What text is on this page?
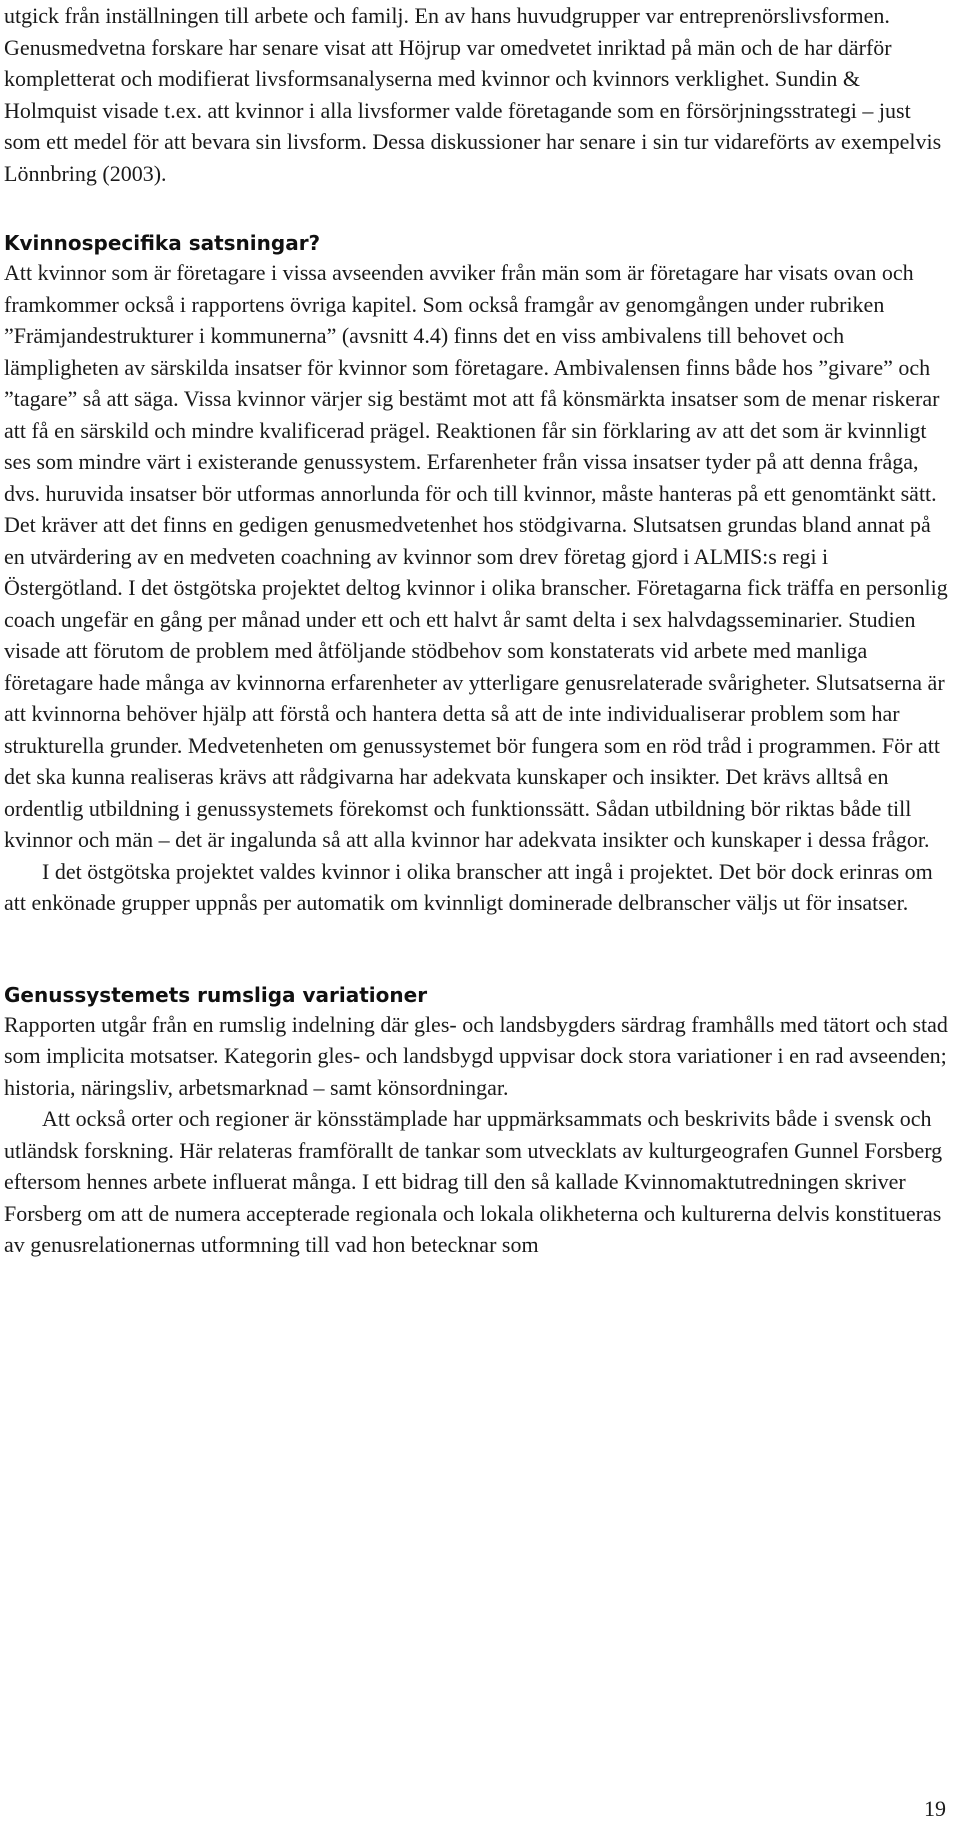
utgick från inställningen till arbete och familj. En av hans huvudgrupper var entreprenörslivsformen. Genusmedvetna forskare har senare visat att Höjrup var omedvetet inriktad på män och de har därför kompletterat och modifierat livsformsanalyserna med kvinnor och kvinnors verklighet. Sundin & Holmquist visade t.ex. att kvinnor i alla livsformer valde företagande som en försörjningsstrategi – just som ett medel för att bevara sin livsform. Dessa diskussioner har senare i sin tur vidareförts av exempelvis Lönnbring (2003).

Kvinnospecifika satsningar?

Att kvinnor som är företagare i vissa avseenden avviker från män som är företagare har visats ovan och framkommer också i rapportens övriga kapitel. Som också framgår av genomgången under rubriken ”Främjandestrukturer i kommunerna” (avsnitt 4.4) finns det en viss ambivalens till behovet och lämpligheten av särskilda insatser för kvinnor som företagare. Ambivalensen finns både hos ”givare” och ”tagare” så att säga. Vissa kvinnor värjer sig bestämt mot att få könsmärkta insatser som de menar riskerar att få en särskild och mindre kvalificerad prägel. Reaktionen får sin förklaring av att det som är kvinnligt ses som mindre värt i existerande genussystem. Erfarenheter från vissa insatser tyder på att denna fråga, dvs. huruvida insatser bör utformas annorlunda för och till kvinnor, måste hanteras på ett genomtänkt sätt. Det kräver att det finns en gedigen genusmedvetenhet hos stödgivarna. Slutsatsen grundas bland annat på en utvärdering av en medveten coachning av kvinnor som drev företag gjord i ALMIS:s regi i Östergötland. I det östgötska projektet deltog kvinnor i olika branscher. Företagarna fick träffa en personlig coach ungefär en gång per månad under ett och ett halvt år samt delta i sex halvdagsseminarier. Studien visade att förutom de problem med åtföljande stödbehov som konstaterats vid arbete med manliga företagare hade många av kvinnorna erfarenheter av ytterligare genusrelaterade svårigheter. Slutsatserna är att kvinnorna behöver hjälp att förstå och hantera detta så att de inte individualiserar problem som har strukturella grunder. Medvetenheten om genussystemet bör fungera som en röd tråd i programmen. För att det ska kunna realiseras krävs att rådgivarna har adekvata kunskaper och insikter. Det krävs alltså en ordentlig utbildning i genussystemets förekomst och funktionssätt. Sådan utbildning bör riktas både till kvinnor och män – det är ingalunda så att alla kvinnor har adekvata insikter och kunskaper i dessa frågor.

I det östgötska projektet valdes kvinnor i olika branscher att ingå i projektet. Det bör dock erinras om att enkönade grupper uppnås per automatik om kvinnligt dominerade delbranscher väljs ut för insatser.

Genussystemets rumsliga variationer

Rapporten utgår från en rumslig indelning där gles- och landsbygders särdrag framhålls med tätort och stad som implicita motsatser. Kategorin gles- och landsbygd uppvisar dock stora variationer i en rad avseenden; historia, näringsliv, arbetsmarknad – samt könsordningar.

Att också orter och regioner är könsstämplade har uppmärksammats och beskrivits både i svensk och utländsk forskning. Här relateras framförallt de tankar som utvecklats av kulturgeografen Gunnel Forsberg eftersom hennes arbete influerat många. I ett bidrag till den så kallade Kvinnomaktutredningen skriver Forsberg om att de numera accepterade regionala och lokala olikheterna och kulturerna delvis konstitueras av genusrelationernas utformning till vad hon betecknar som

19
